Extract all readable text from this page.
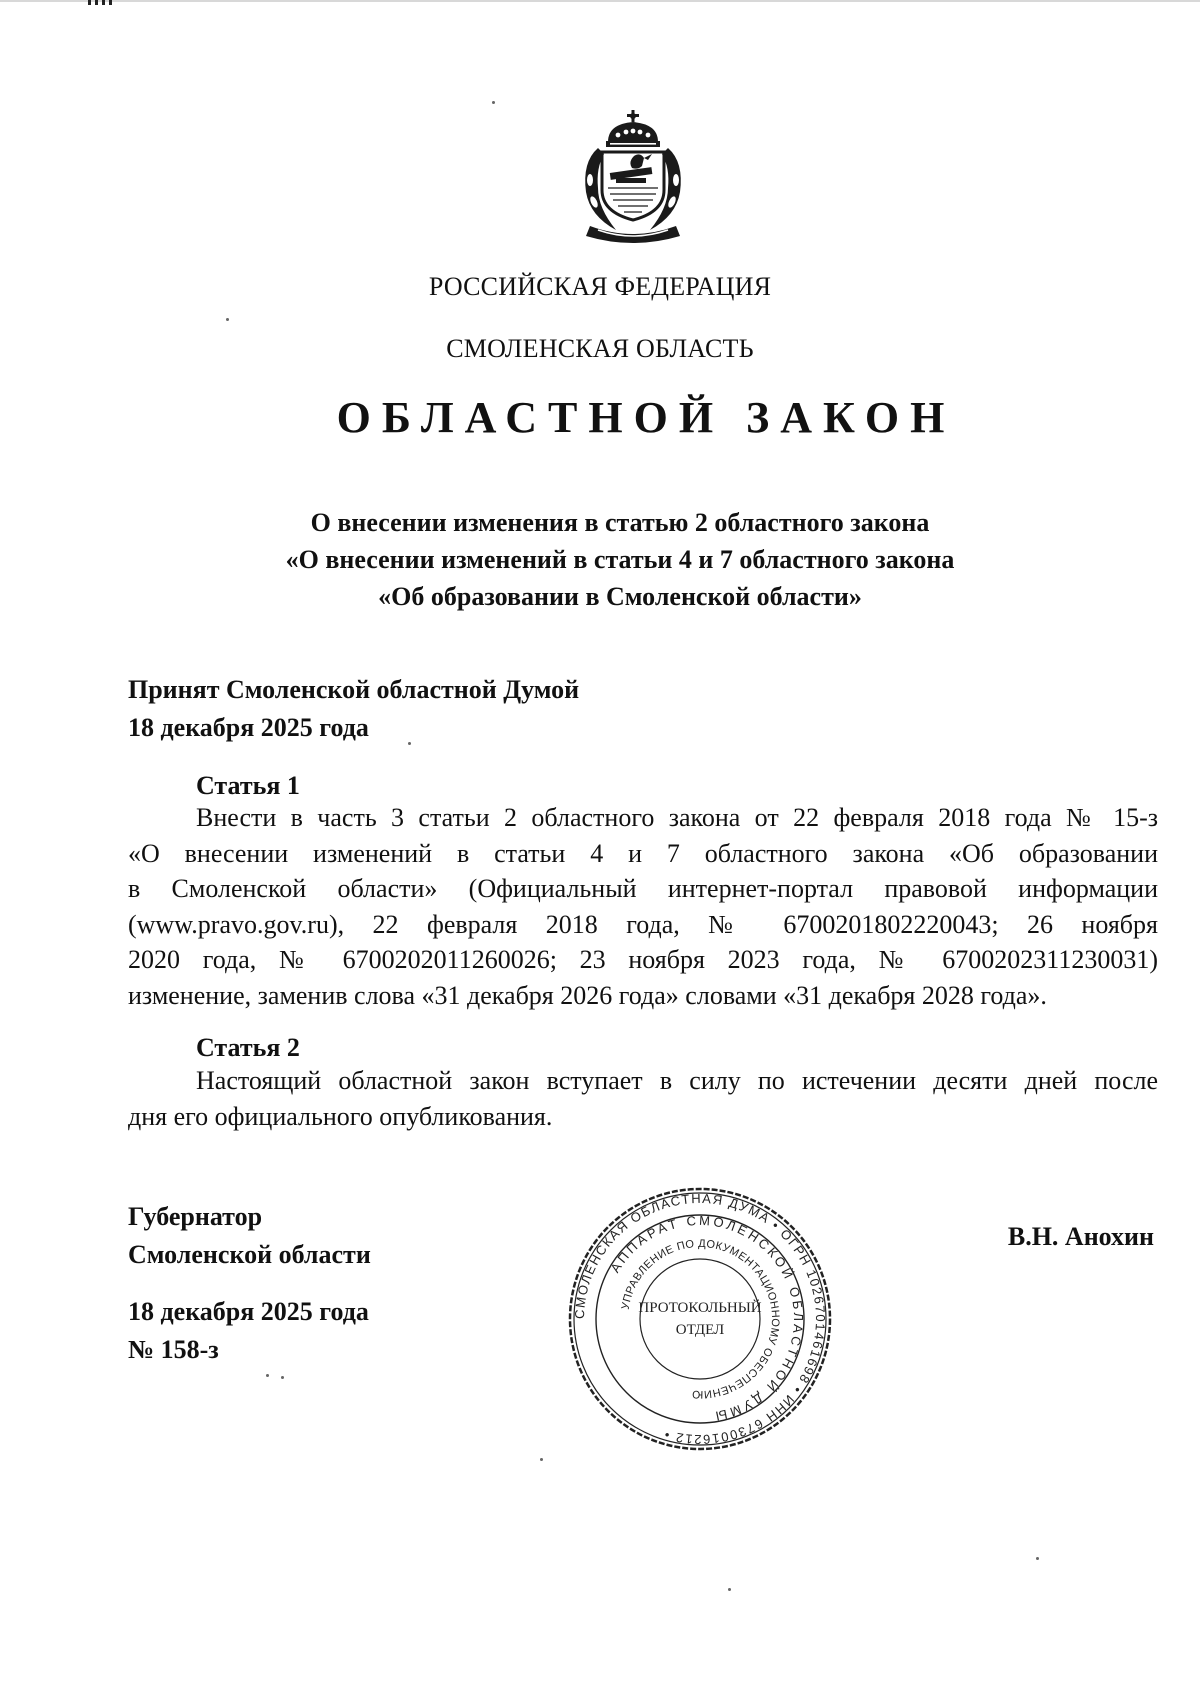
РОССИЙСКАЯ ФЕДЕРАЦИЯ
СМОЛЕНСКАЯ ОБЛАСТЬ
ОБЛАСТНОЙ ЗАКОН
О внесении изменения в статью 2 областного закона
«О внесении изменений в статьи 4 и 7 областного закона
«Об образовании в Смоленской области»
Принят Смоленской областной Думой
18 декабря 2025 года
Статья 1
Внести в часть 3 статьи 2 областного закона от 22 февраля 2018 года № 15-з
«О внесении изменений в статьи 4 и 7 областного закона «Об образовании
в Смоленской области» (Официальный интернет-портал правовой информации
(www.pravo.gov.ru), 22 февраля 2018 года, № 6700201802220043; 26 ноября
2020 года, № 6700202011260026; 23 ноября 2023 года, № 6700202311230031)
изменение, заменив слова «31 декабря 2026 года» словами «31 декабря 2028 года».
Статья 2
Настоящий областной закон вступает в силу по истечении десяти дней после
дня его официального опубликования.
Губернатор
Смоленской области
В.Н. Анохин
18 декабря 2025 года
№ 158-з
СМОЛЕНСКАЯ ОБЛАСТНАЯ ДУМА • ОГРН 1026701461698 • ИНН 6730016212 •
АППАРАТ СМОЛЕНСКОЙ ОБЛАСТНОЙ ДУМЫ
УПРАВЛЕНИЕ ПО ДОКУМЕНТАЦИОННОМУ ОБЕСПЕЧЕНИЮ
ПРОТОКОЛЬНЫЙ
ОТДЕЛ
